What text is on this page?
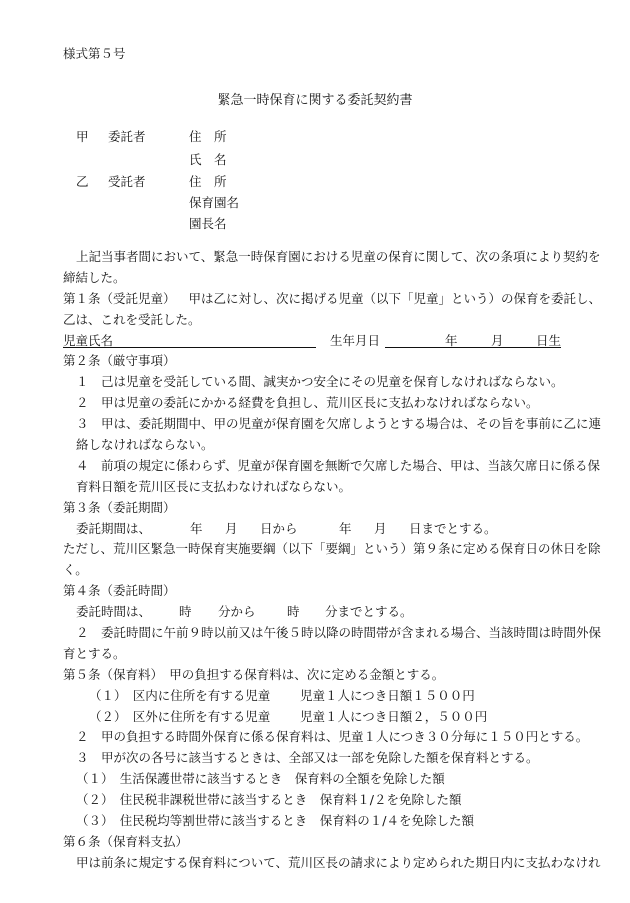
様式第５号
緊急一時保育に関する委託契約書
甲 委託者	住　所
氏　名
乙 受託者	住　所
保育園名
園長名
上記当事者間において、緊急一時保育園における児童の保育に関して、次の条項により契約を
締結した。
第１条（受託児童） 甲は乙に対し、次に掲げる児童（以下「児童」という）の保育を委託し、
乙は、これを受託した。
児童氏名	生年月日	年	月	日生
第２条（厳守事項）
１　己は児童を受託している間、誠実かつ安全にその児童を保育しなければならない。
２　甲は児童の委託にかかる経費を負担し、荒川区長に支払わなければならない。
３　甲は、委託期間中、甲の児童が保育園を欠席しようとする場合は、その旨を事前に乙に連
絡しなければならない。
４　前項の規定に係わらず、児童が保育園を無断で欠席した場合、甲は、当該欠席日に係る保
育料日額を荒川区長に支払わなければならない。
第３条（委託期間）
委託期間は、	年 月 日から	年 月 日までとする。
ただし、荒川区緊急一時保育実施要綱（以下「要綱」という）第９条に定める保育日の休日を除
く。
第４条（委託時間）
委託時間は、 時 分から	時 分までとする。
２　委託時間に午前９時以前又は午後５時以降の時間帯が含まれる場合、当該時間は時間外保
育とする。
第５条（保育料）　甲の負担する保育料は、次に定める金額とする。
（１）　区内に住所を有する児童 児童１人につき日額１５００円
（２）　区外に住所を有する児童 児童１人につき日額２，５００円
２　甲の負担する時間外保育に係る保育料は、児童１人につき３０分毎に１５０円とする。
３　甲が次の各号に該当するときは、全部又は一部を免除した額を保育料とする。
（１）　生活保護世帯に該当するとき　保育料の全額を免除した額
（２）　住民税非課税世帯に該当するとき　保育料１/２を免除した額
（３）　住民税均等割世帯に該当するとき　保育料の１/４を免除した額
第６条（保育料支払）
甲は前条に規定する保育料について、荒川区長の請求により定められた期日内に支払わなけれ
